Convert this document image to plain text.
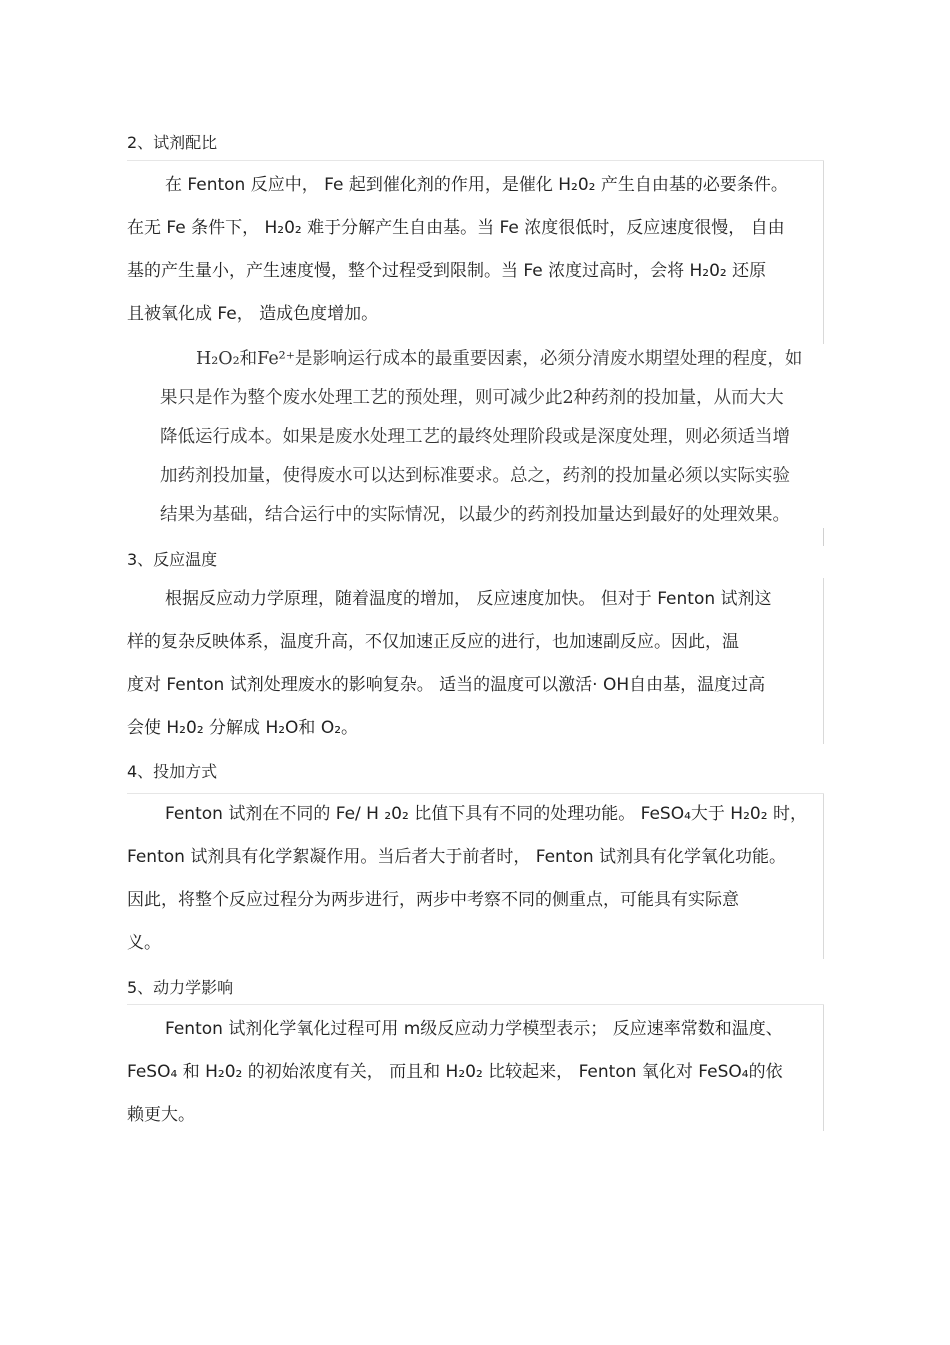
2、试剂配比
在 Fenton 反应中， Fe 起到催化剂的作用，是催化 H₂0₂ 产生自由基的必要条件。
在无 Fe 条件下， H₂0₂ 难于分解产生自由基。当 Fe 浓度很低时，反应速度很慢， 自由
基的产生量小，产生速度慢，整个过程受到限制。当 Fe 浓度过高时，会将 H₂0₂ 还原
且被氧化成 Fe， 造成色度增加。
H₂O₂和Fe²⁺是影响运行成本的最重要因素，必须分清废水期望处理的程度，如
果只是作为整个废水处理工艺的预处理，则可减少此2种药剂的投加量，从而大大
降低运行成本。如果是废水处理工艺的最终处理阶段或是深度处理，则必须适当增
加药剂投加量，使得废水可以达到标准要求。总之，药剂的投加量必须以实际实验
结果为基础，结合运行中的实际情况，以最少的药剂投加量达到最好的处理效果。
3、反应温度
根据反应动力学原理，随着温度的增加， 反应速度加快。 但对于 Fenton 试剂这
样的复杂反映体系，温度升高，不仅加速正反应的进行，也加速副反应。因此，温
度对 Fenton 试剂处理废水的影响复杂。 适当的温度可以激活· OH自由基，温度过高
会使 H₂0₂ 分解成 H₂O和 O₂。
4、投加方式
Fenton 试剂在不同的 Fe/ H ₂0₂ 比值下具有不同的处理功能。 FeSO₄大于 H₂0₂ 时，
Fenton 试剂具有化学絮凝作用。当后者大于前者时， Fenton 试剂具有化学氧化功能。
因此，将整个反应过程分为两步进行，两步中考察不同的侧重点，可能具有实际意
义。
5、动力学影响
Fenton 试剂化学氧化过程可用 m级反应动力学模型表示； 反应速率常数和温度、
FeSO₄ 和 H₂0₂ 的初始浓度有关， 而且和 H₂0₂ 比较起来， Fenton 氧化对 FeSO₄的依
赖更大。
